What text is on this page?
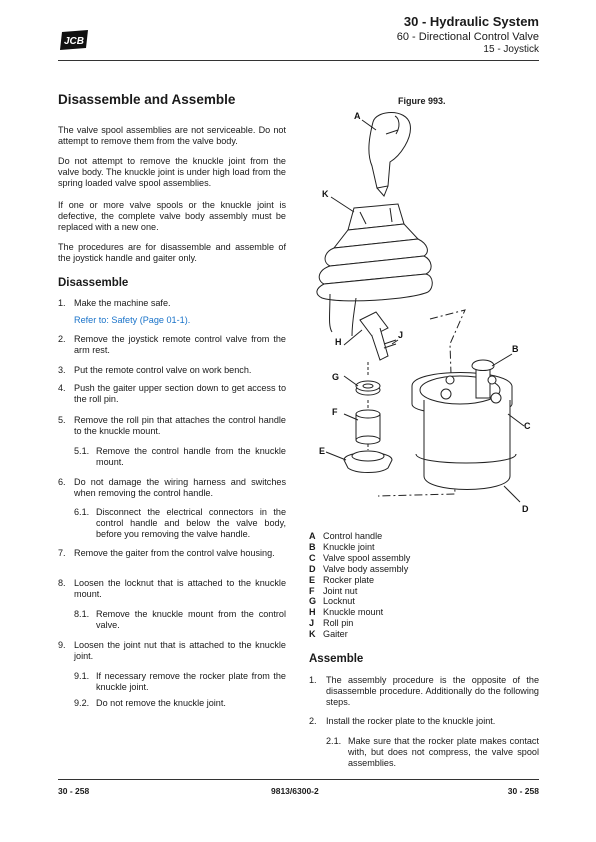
JCB
30 - Hydraulic System
60 - Directional Control Valve
15 - Joystick
Disassemble and Assemble
The valve spool assemblies are not serviceable. Do not attempt to remove them from the valve body.
Do not attempt to remove the knuckle joint from the valve body. The knuckle joint is under high load from the spring loaded valve spool assemblies.
If one or more valve spools or the knuckle joint is defective, the complete valve body assembly must be replaced with a new one.
The procedures are for disassemble and assemble of the joystick handle and gaiter only.
Disassemble
1. Make the machine safe.
Refer to: Safety (Page 01-1).
2. Remove the joystick remote control valve from the arm rest.
3. Put the remote control valve on work bench.
4. Push the gaiter upper section down to get access to the roll pin.
5. Remove the roll pin that attaches the control handle to the knuckle mount.
5.1. Remove the control handle from the knuckle mount.
6. Do not damage the wiring harness and switches when removing the control handle.
6.1. Disconnect the electrical connectors in the control handle and below the valve body, before you removing the valve handle.
7. Remove the gaiter from the control valve housing.
8. Loosen the locknut that is attached to the knuckle mount.
8.1. Remove the knuckle mount from the control valve.
9. Loosen the joint nut that is attached to the knuckle joint.
9.1. If necessary remove the rocker plate from the knuckle joint.
9.2. Do not remove the knuckle joint.
Figure 993.
A
K
H
J
G
F
E
B
C
D
A Control handle
B Knuckle joint
C Valve spool assembly
D Valve body assembly
E Rocker plate
F Joint nut
G Locknut
H Knuckle mount
J Roll pin
K Gaiter
Assemble
1. The assembly procedure is the opposite of the disassemble procedure. Additionally do the following steps.
2. Install the rocker plate to the knuckle joint.
2.1. Make sure that the rocker plate makes contact with, but does not compress, the valve spool assemblies.
30 - 258	9813/6300-2	30 - 258
